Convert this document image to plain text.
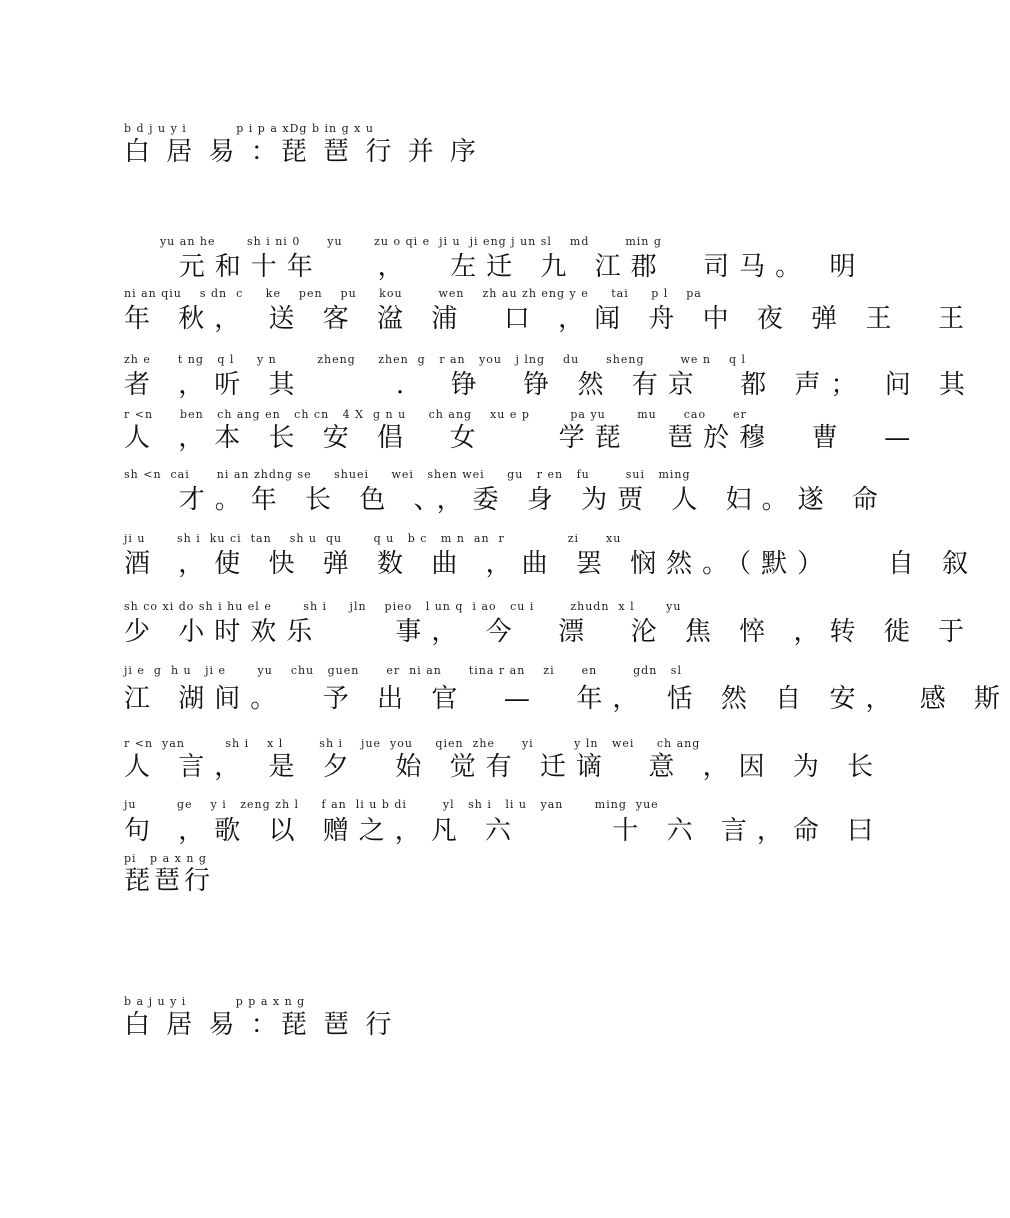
b d j u y i           p i p a xDg b in g x u
白 居 易 ：琵 琶 行 并 序
yu an he       sh i ni 0      yu       zu o qi e  ji u  ji eng j un sl    md        min g
元和十年   ，  左迁 九 江郡  司马。 明
ni an qiu    s dn  c     ke    pen    pu     kou        wen    zh au zh eng y e     tai     p l    pa
年 秋， 送 客 湓 浦  口 ，闻 舟 中 夜 弹 王  王
zh e      t ng   q l     y n         zheng     zhen  g   r an   you   j lng    du      sheng        we n    q l
者 ，听 其     .  铮  铮 然 有京  都 声； 问 其
r <n      ben   ch ang en   ch cn   4 X  g n u     ch ang    xu e p         pa yu       mu      cao      er
人 ，本 长 安 倡  女    学琵  琶於穆  曹  —
sh <n  cai      ni an zhdng se     shuei     wei   shen wei     gu   r en   fu        sui   ming
才。年 长 色 、，委 身 为贾 人 妇。遂 命
ji u       sh i  ku ci  tan    sh u  qu       q u   b c   m n  an  r              zi      xu
酒 ，使 快 弹 数 曲 ，曲 罢 悯然。（默）   自 叙
sh co xi do sh i hu el e       sh i     jln    pieo   l un q  i ao   cu i        zhudn  x l       yu
少 小时欢乐    事， 今  漂  沦 焦 悴 ，转 徙 于
ji e  g  h u   ji e       yu    chu   guen      er  ni an      tina r an    zi      en        gdn   sl
江 湖间。  予 出 官  —  年， 恬 然 自 安， 感 斯
r <n  yan         sh i    x l        sh i    jue  you     qien  zhe      yi         y ln   wei     ch ang
人 言， 是 夕  始 觉有 迁谪  意 ，因 为 长
ju         ge    y i   zeng zh l     f an  li u b di        yl   sh i   li u   yan       ming  yue
句 ，歌 以 赠之，凡 六     十 六 言，命 曰
pi   p a x n g
琵琶行
b a j u y i           p p a x n g
白 居 易 ：琵 琶 行
